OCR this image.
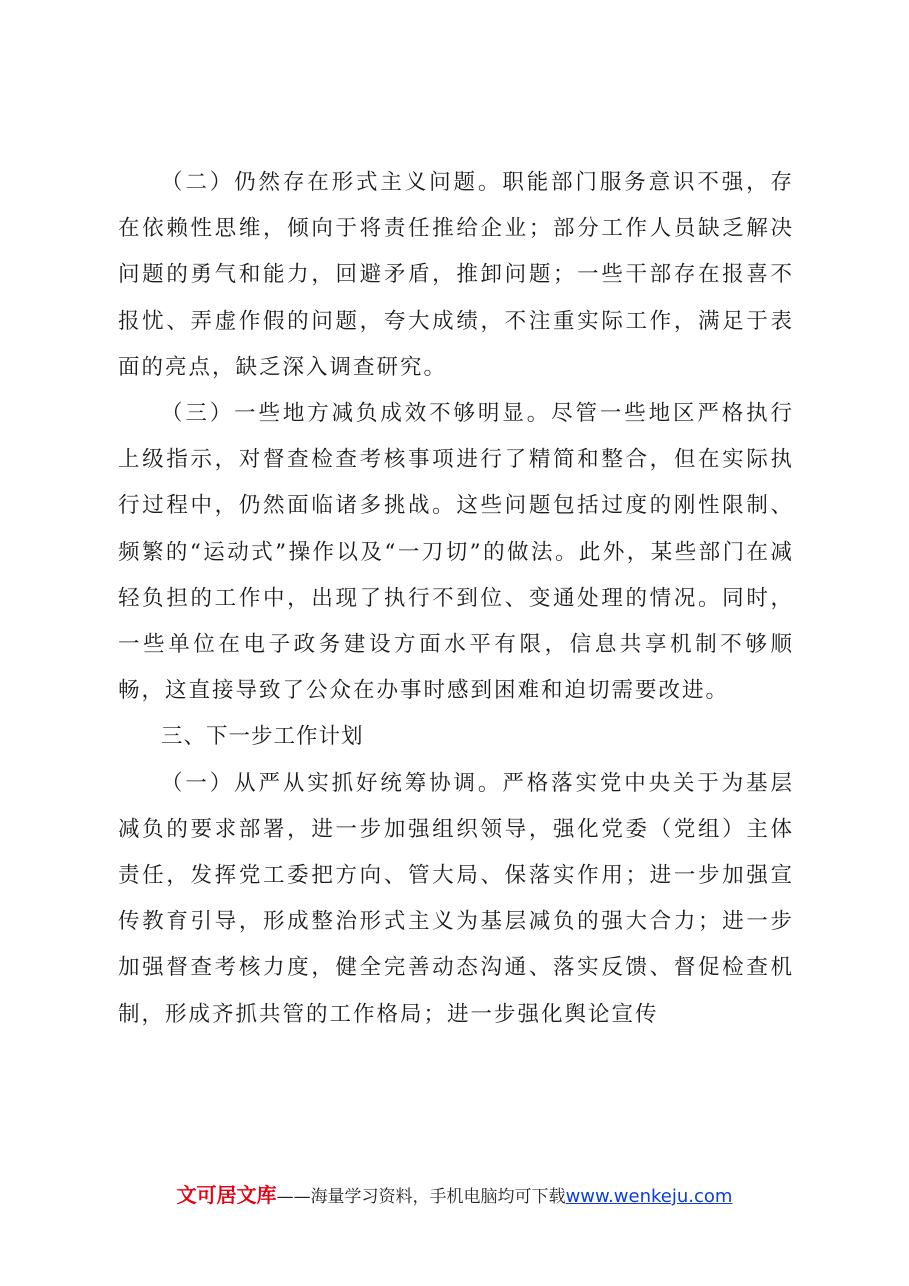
（二）仍然存在形式主义问题。职能部门服务意识不强，存在依赖性思维，倾向于将责任推给企业；部分工作人员缺乏解决问题的勇气和能力，回避矛盾，推卸问题；一些干部存在报喜不报忧、弄虚作假的问题，夸大成绩，不注重实际工作，满足于表面的亮点，缺乏深入调查研究。

（三）一些地方减负成效不够明显。尽管一些地区严格执行上级指示，对督查检查考核事项进行了精简和整合，但在实际执行过程中，仍然面临诸多挑战。这些问题包括过度的刚性限制、频繁的“运动式”操作以及“一刀切”的做法。此外，某些部门在减轻负担的工作中，出现了执行不到位、变通处理的情况。同时，一些单位在电子政务建设方面水平有限，信息共享机制不够顺畅，这直接导致了公众在办事时感到困难和迫切需要改进。

三、下一步工作计划

（一）从严从实抓好统筹协调。严格落实党中央关于为基层减负的要求部署，进一步加强组织领导，强化党委（党组）主体责任，发挥党工委把方向、管大局、保落实作用；进一步加强宣传教育引导，形成整治形式主义为基层减负的强大合力；进一步加强督查考核力度，健全完善动态沟通、落实反馈、督促检查机制，形成齐抓共管的工作格局；进一步强化舆论宣传

文可居文库——海量学习资料，手机电脑均可下载www.wenkeju.com
